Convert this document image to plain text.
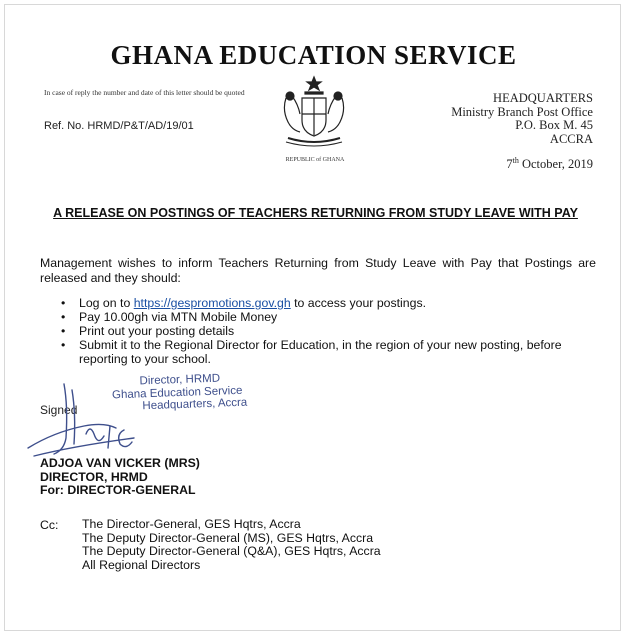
GHANA EDUCATION SERVICE
In case of reply the number and date of this letter should be quoted
Ref. No. HRMD/P&T/AD/19/01
REPUBLIC of GHANA
HEADQUARTERS
Ministry Branch Post Office
P.O. Box M. 45
ACCRA
7th October, 2019
A RELEASE ON POSTINGS OF TEACHERS RETURNING FROM STUDY LEAVE WITH PAY
Management wishes to inform Teachers Returning from Study Leave with Pay that Postings are released and they should:
• Log on to https://gespromotions.gov.gh to access your postings.
• Pay 10.00gh via MTN Mobile Money
• Print out your posting details
• Submit it to the Regional Director for Education, in the region of your new posting, before reporting to your school.
Director, HRMD
Ghana Education Service
Headquarters, Accra
Signed
ADJOA VAN VICKER (MRS)
DIRECTOR, HRMD
For: DIRECTOR-GENERAL
Cc: The Director-General, GES Hqtrs, Accra
The Deputy Director-General (MS), GES Hqtrs, Accra
The Deputy Director-General (Q&A), GES Hqtrs, Accra
All Regional Directors
